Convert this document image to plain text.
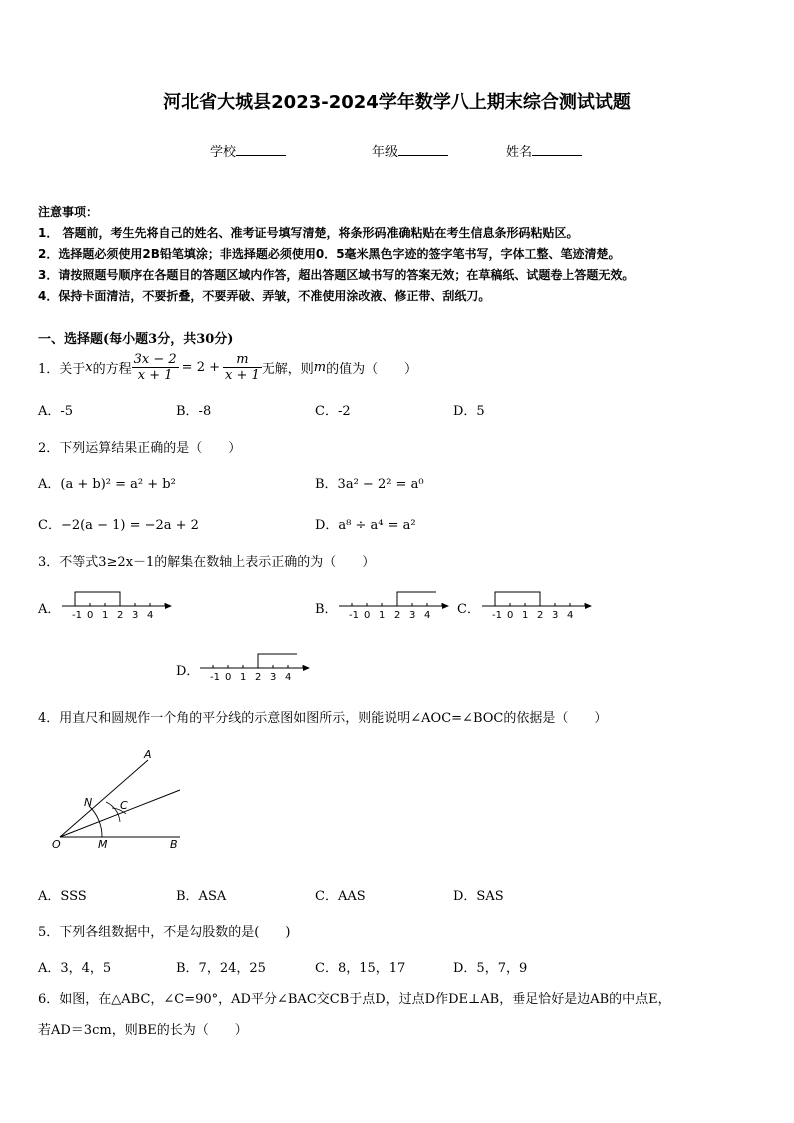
河北省大城县2023-2024学年数学八上期末综合测试试题
学校	年级	姓名
注意事项：
1． 答题前，考生先将自己的姓名、准考证号填写清楚，将条形码准确粘贴在考生信息条形码粘贴区。
2．选择题必须使用2B铅笔填涂；非选择题必须使用0．5毫米黑色字迹的签字笔书写，字体工整、笔迹清楚。
3．请按照题号顺序在各题目的答题区域内作答，超出答题区域书写的答案无效；在草稿纸、试题卷上答题无效。
4．保持卡面清洁，不要折叠，不要弄破、弄皱，不准使用涂改液、修正带、刮纸刀。
一、选择题(每小题3分，共30分)
1．关于 x 的方程 $\frac{3x - 2}{x + 1} = 2 + \frac{m}{x + 1}$ 无解，则 m 的值为（　　）
A．-5	B．-8	C．-2	D．5
2．下列运算结果正确的是（　　）
A．(a + b)² = a² + b²	B．3a² − 2² = a⁰
C．−2(a − 1) = −2a + 2	D．a⁸ ÷ a⁴ = a²
3．不等式3≥2x－1的解集在数轴上表示正确的为（　　）
A． -1 0 1 2 3 4	B． -1 0 1 2 3 4 C． -1 0 1 2 3 4
D． -1 0 1 2 3 4
4．用直尺和圆规作一个角的平分线的示意图如图所示，则能说明∠AOC=∠BOC的依据是（　　）
A
N	C
O	M	B
A．SSS	B．ASA	C．AAS	D．SAS
5．下列各组数据中，不是勾股数的是(　　)
A．3，4，5	B．7，24，25	C．8，15，17	D．5，7，9
6．如图，在△ABC，∠C=90°，AD平分∠BAC交CB于点D，过点D作DE⊥AB，垂足恰好是边AB的中点E，
若AD＝3cm，则BE的长为（　　）
